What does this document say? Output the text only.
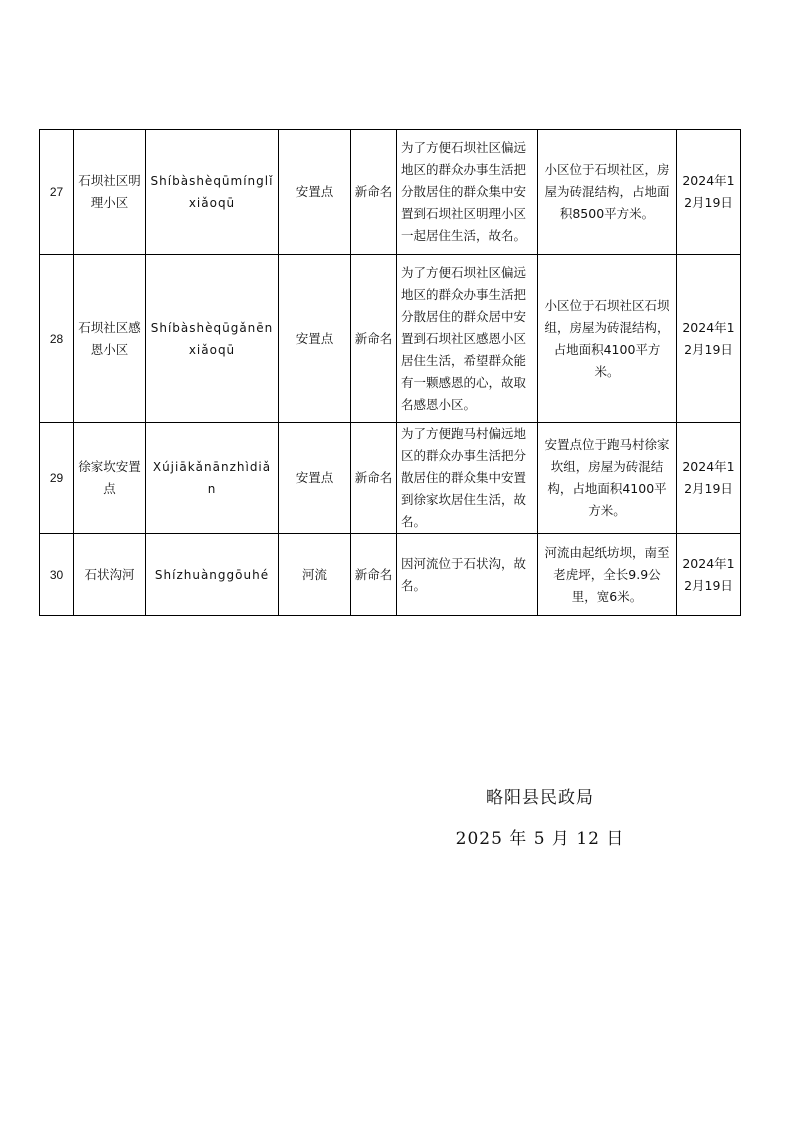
27	石坝社区明理小区	Shíbàshèqūmínglǐxiǎoqū	安置点	新命名	为了方便石坝社区偏远地区的群众办事生活把分散居住的群众集中安置到石坝社区明理小区一起居住生活，故名。	小区位于石坝社区，房屋为砖混结构，占地面积8500平方米。	2024年12月19日
28	石坝社区感恩小区	Shíbàshèqūgǎnēnxiǎoqū	安置点	新命名	为了方便石坝社区偏远地区的群众办事生活把分散居住的群众居中安置到石坝社区感恩小区居住生活，希望群众能有一颗感恩的心，故取名感恩小区。	小区位于石坝社区石坝组，房屋为砖混结构，占地面积4100平方米。	2024年12月19日
29	徐家坎安置点	Xújiākǎnānzhìdiǎn	安置点	新命名	为了方便跑马村偏远地区的群众办事生活把分散居住的群众集中安置到徐家坎居住生活，故名。	安置点位于跑马村徐家坎组，房屋为砖混结构，占地面积4100平方米。	2024年12月19日
30	石状沟河	Shízhuànggōuhé	河流	新命名	因河流位于石状沟，故名。	河流由起纸坊坝，南至老虎坪，全长9.9公里，宽6米。	2024年12月19日
略阳县民政局
2025 年 5 月 12 日
